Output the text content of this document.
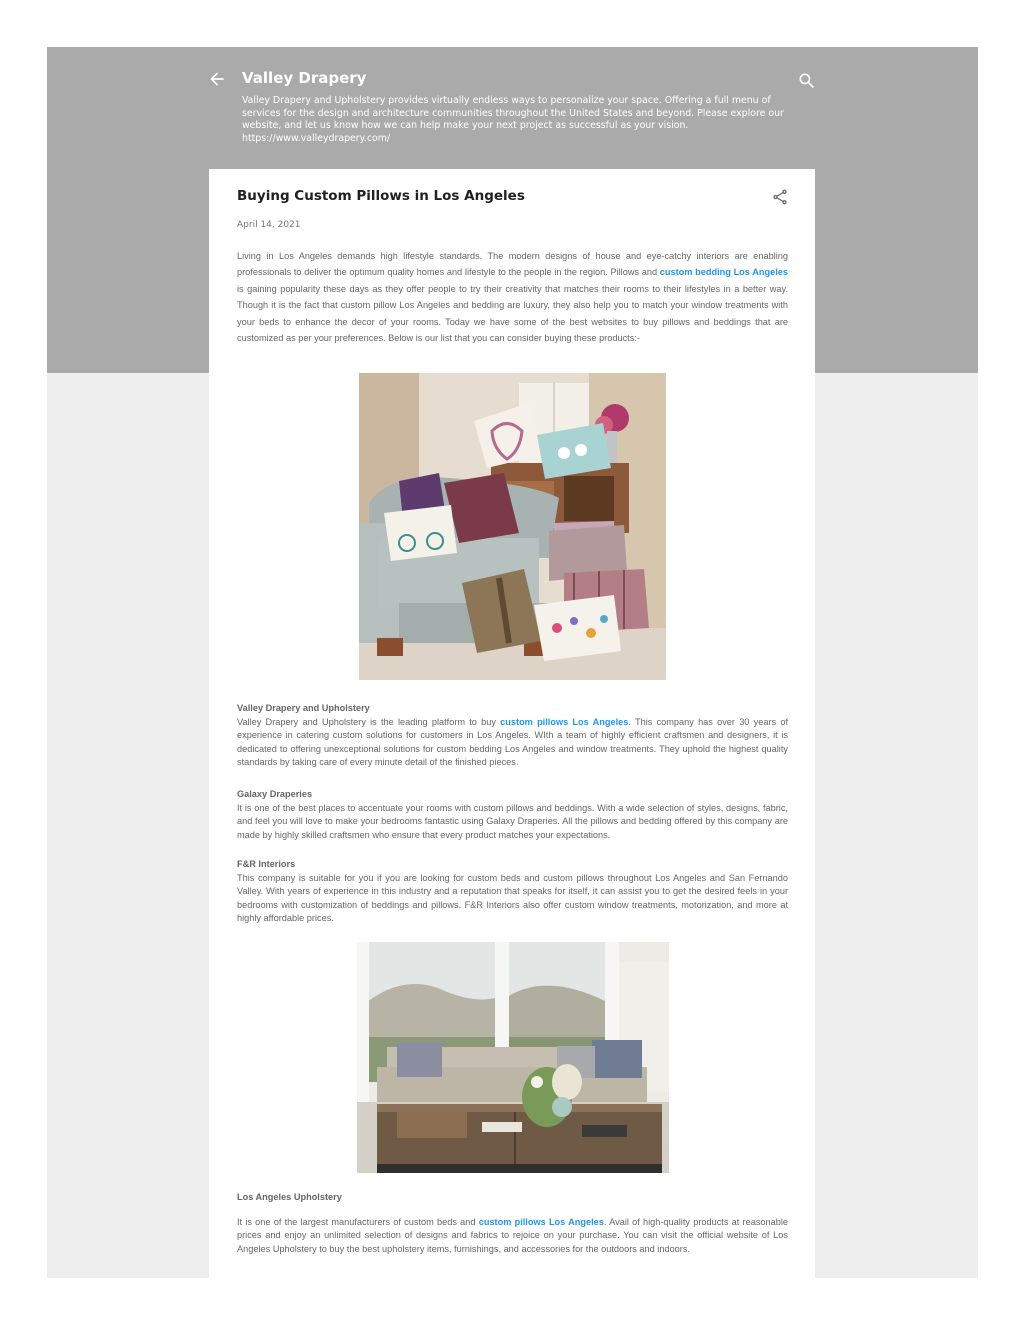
Valley Drapery
Valley Drapery and Upholstery provides virtually endless ways to personalize your space. Offering a full menu of services for the design and architecture communities throughout the United States and beyond. Please explore our website, and let us know how we can help make your next project as successful as your vision.
https://www.valleydrapery.com/
Buying Custom Pillows in Los Angeles
April 14, 2021

Living in Los Angeles demands high lifestyle standards. The modern designs of house and eye-catchy interiors are enabling professionals to deliver the optimum quality homes and lifestyle to the people in the region. Pillows and custom bedding Los Angeles is gaining popularity these days as they offer people to try their creativity that matches their rooms to their lifestyles in a better way. Though it is the fact that custom pillow Los Angeles and bedding are luxury, they also help you to match your window treatments with your beds to enhance the decor of your rooms. Today we have some of the best websites to buy pillows and beddings that are customized as per your preferences. Below is our list that you can consider buying these products:-

Valley Drapery and Upholstery

Valley Drapery and Upholstery is the leading platform to buy custom pillows Los Angeles. This company has over 30 years of experience in catering custom solutions for customers in Los Angeles. WIth a team of highly efficient craftsmen and designers, it is dedicated to offering unexceptional solutions for custom bedding Los Angeles and window treatments. They uphold the highest quality standards by taking care of every minute detail of the finished pieces.

Galaxy Draperies

It is one of the best places to accentuate your rooms with custom pillows and beddings. With a wide selection of styles, designs, fabric, and feel you will love to make your bedrooms fantastic using Galaxy Draperies. All the pillows and bedding offered by this company are made by highly skilled craftsmen who ensure that every product matches your expectations.

F&R Interiors

This company is suitable for you if you are looking for custom beds and custom pillows throughout Los Angeles and San Fernando Valley. With years of experience in this industry and a reputation that speaks for itself, it can assist you to get the desired feels in your bedrooms with customization of beddings and pillows. F&R Interiors also offer custom window treatments, motorization, and more at highly affordable prices.

Los Angeles Upholstery

It is one of the largest manufacturers of custom beds and custom pillows Los Angeles. Avail of high-quality products at reasonable prices and enjoy an unlimited selection of designs and fabrics to rejoice on your purchase. You can visit the official website of Los Angeles Upholstery to buy the best upholstery items, furnishings, and accessories for the outdoors and indoors.
